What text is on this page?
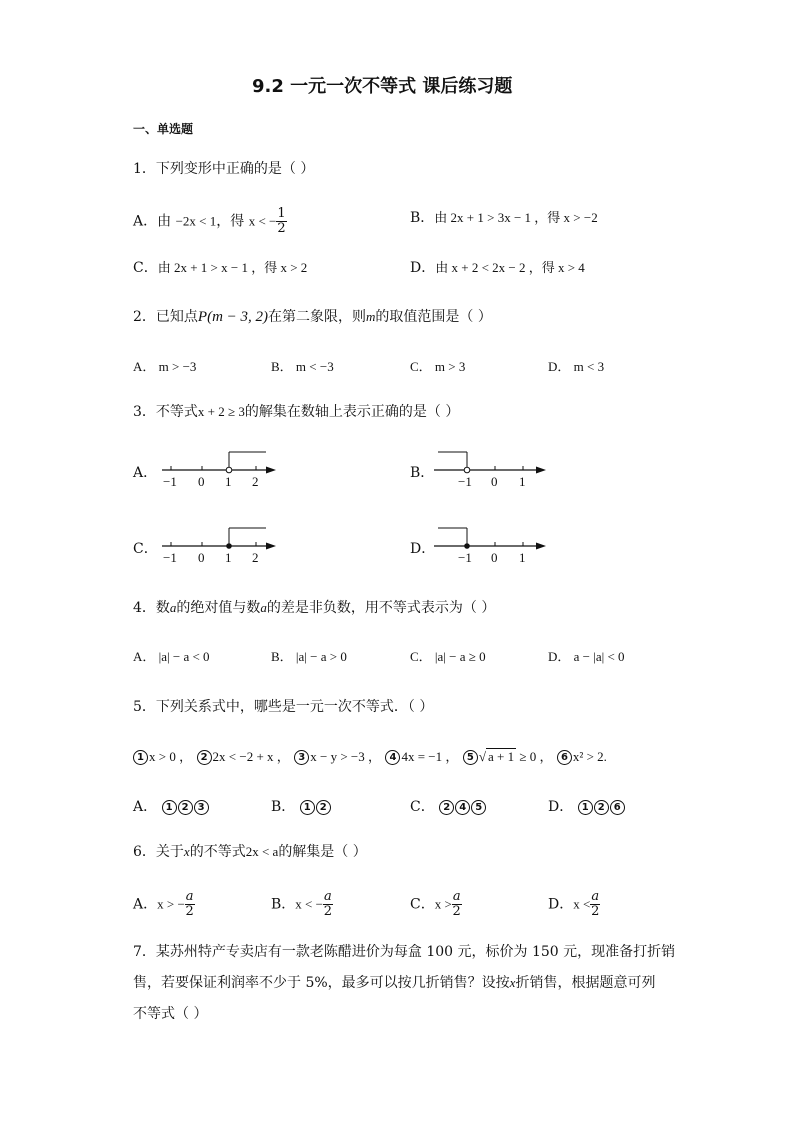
9.2 一元一次不等式 课后练习题
一、单选题
1．下列变形中正确的是（ ）
A．由 −2x < 1，得 x < − $\frac{1}{2}$	B．由 2x + 1 > 3x − 1 ，得 x > −2
C．由 2x + 1 > x − 1 ，得 x > 2	D．由 x + 2 < 2x − 2 ，得 x > 4
2．已知点P(m − 3, 2)在第二象限，则m的取值范围是（ ）
A． m > −3	B． m < −3	C． m > 3	D． m < 3
3．不等式x + 2 ≥ 3的解集在数轴上表示正确的是（ ）
A．
−1 0 1 2
B．
−1 0 1
C．
−1 0 1 2
D．
−1 0 1
4．数a的绝对值与数a的差是非负数，用不等式表示为（ ）
A． |a| − a < 0	B． |a| − a > 0	C． |a| − a ≥ 0	D． a − |a| < 0
5．下列关系式中，哪些是一元一次不等式．（ ）
1 x > 0 ， 2 2x < −2 + x ， 3 x − y > −3 ， 4 4x = −1 ， 5 √ a + 1 ≥ 0 ， 6 x² > 2.
A． 1 2 3	B． 1 2	C． 2 4 5	D． 1 2 6
6．关于x的不等式2x < a的解集是（ ）
A．x > − $\frac{a}{2}$	B．x < − $\frac{a}{2}$	C．$x > \frac{a}{2}$	D．$x < \frac{a}{2}$
7．某苏州特产专卖店有一款老陈醋进价为每盒 100 元，标价为 150 元，现准备打折销
售，若要保证利润率不少于 5%，最多可以按几折销售？设按x折销售，根据题意可列
不等式（ ）
